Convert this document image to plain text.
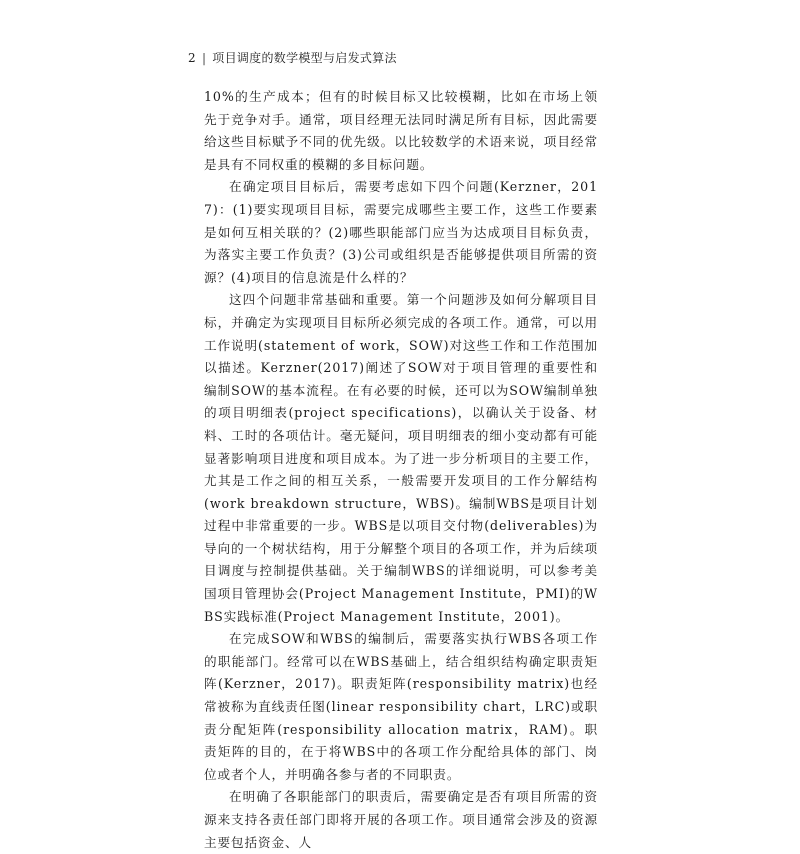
2 | 项目调度的数学模型与启发式算法

10%的生产成本；但有的时候目标又比较模糊，比如在市场上领先于竞争对手。通常，项目经理无法同时满足所有目标，因此需要给这些目标赋予不同的优先级。以比较数学的术语来说，项目经常是具有不同权重的模糊的多目标问题。

在确定项目目标后，需要考虑如下四个问题(Kerzner，2017)：(1)要实现项目目标，需要完成哪些主要工作，这些工作要素是如何互相关联的？(2)哪些职能部门应当为达成项目目标负责，为落实主要工作负责？(3)公司或组织是否能够提供项目所需的资源？(4)项目的信息流是什么样的？

这四个问题非常基础和重要。第一个问题涉及如何分解项目目标，并确定为实现项目目标所必须完成的各项工作。通常，可以用工作说明(statement of work，SOW)对这些工作和工作范围加以描述。Kerzner(2017)阐述了SOW对于项目管理的重要性和编制SOW的基本流程。在有必要的时候，还可以为SOW编制单独的项目明细表(project specifications)，以确认关于设备、材料、工时的各项估计。毫无疑问，项目明细表的细小变动都有可能显著影响项目进度和项目成本。为了进一步分析项目的主要工作，尤其是工作之间的相互关系，一般需要开发项目的工作分解结构(work breakdown structure，WBS)。编制WBS是项目计划过程中非常重要的一步。WBS是以项目交付物(deliverables)为导向的一个树状结构，用于分解整个项目的各项工作，并为后续项目调度与控制提供基础。关于编制WBS的详细说明，可以参考美国项目管理协会(Project Management Institute，PMI)的WBS实践标准(Project Management Institute，2001)。

在完成SOW和WBS的编制后，需要落实执行WBS各项工作的职能部门。经常可以在WBS基础上，结合组织结构确定职责矩阵(Kerzner，2017)。职责矩阵(responsibility matrix)也经常被称为直线责任图(linear responsibility chart，LRC)或职责分配矩阵(responsibility allocation matrix，RAM)。职责矩阵的目的，在于将WBS中的各项工作分配给具体的部门、岗位或者个人，并明确各参与者的不同职责。

在明确了各职能部门的职责后，需要确定是否有项目所需的资源来支持各责任部门即将开展的各项工作。项目通常会涉及的资源主要包括资金、人
